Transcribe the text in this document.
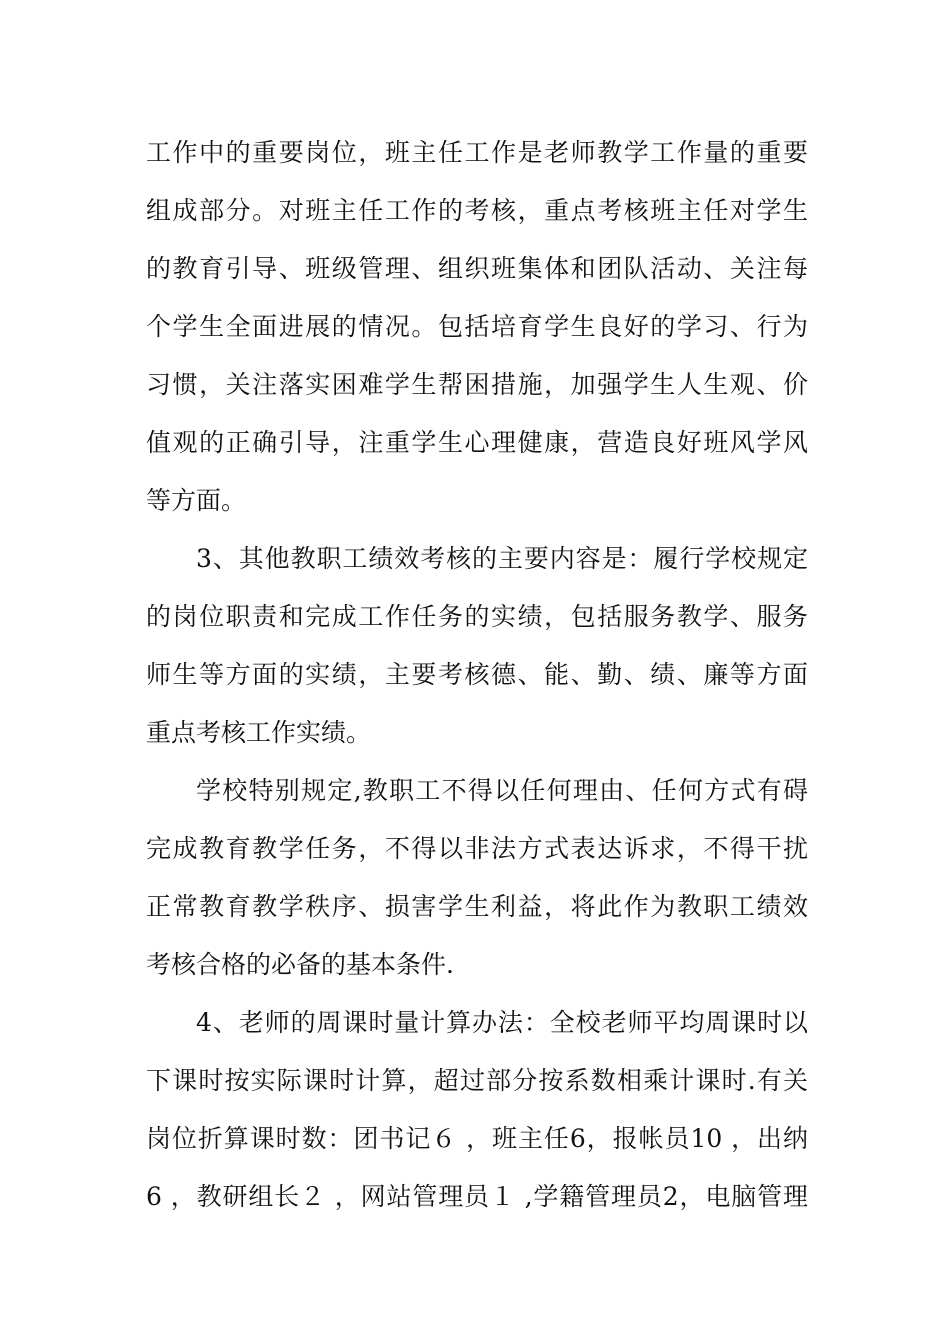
工作中的重要岗位，班主任工作是老师教学工作量的重要
组成部分。对班主任工作的考核，重点考核班主任对学生
的教育引导、班级管理、组织班集体和团队活动、关注每
个学生全面进展的情况。包括培育学生良好的学习、行为
习惯，关注落实困难学生帮困措施，加强学生人生观、价
值观的正确引导，注重学生心理健康，营造良好班风学风
等方面。
3、其他教职工绩效考核的主要内容是：履行学校规定
的岗位职责和完成工作任务的实绩，包括服务教学、服务
师生等方面的实绩，主要考核德、能、勤、绩、廉等方面
重点考核工作实绩。
学校特别规定,教职工不得以任何理由、任何方式有碍
完成教育教学任务，不得以非法方式表达诉求，不得干扰
正常教育教学秩序、损害学生利益，将此作为教职工绩效
考核合格的必备的基本条件.
4、老师的周课时量计算办法：全校老师平均周课时以
下课时按实际课时计算，超过部分按系数相乘计课时.有关
岗位折算课时数：团书记６ ，班主任6，报帐员10 ，出纳
6 ，教研组长２ ，网站管理员１ ,学籍管理员2，电脑管理
